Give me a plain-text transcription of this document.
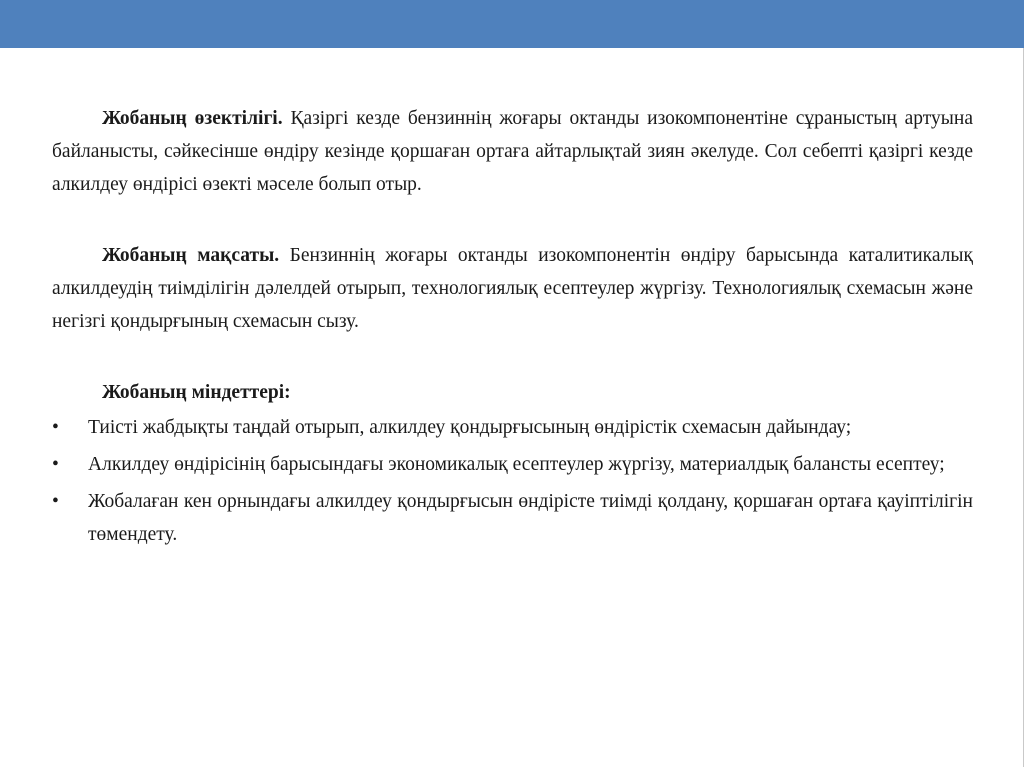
Жобаның өзектілігі. Қазіргі кезде бензиннің жоғары октанды изокомпонентіне сұраныстың артуына байланысты, сәйкесінше өндіру кезінде қоршаған ортаға айтарлықтай зиян әкелуде. Сол себепті қазіргі кезде алкилдеу өндірісі өзекті мәселе болып отыр.

Жобаның мақсаты. Бензиннің жоғары октанды изокомпонентін өндіру барысында каталитикалық алкилдеудің тиімділігін дәлелдей отырып, технологиялық есептеулер жүргізу. Технологиялық схемасын және негізгі қондырғының схемасын сызу.

Жобаның міндеттері:

•	Тиісті жабдықты таңдай отырып, алкилдеу қондырғысының өндірістік схемасын дайындау;
•	Алкилдеу өндірісінің барысындағы экономикалық есептеулер жүргізу, материалдық балансты есептеу;
•	Жобалаған кен орнындағы алкилдеу қондырғысын өндірісте тиімді қолдану, қоршаған ортаға қауіптілігін төмендету.
